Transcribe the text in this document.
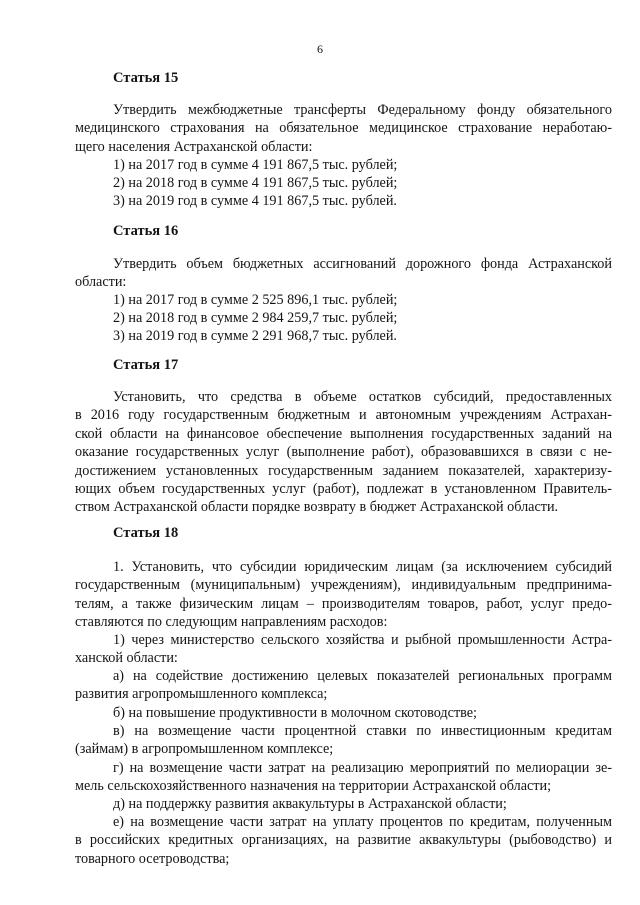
6
Статья 15
Утвердить межбюджетные трансферты Федеральному фонду обязательного
медицинского страхования на обязательное медицинское страхование неработаю-
щего населения Астраханской области:
1) на 2017 год в сумме 4 191 867,5 тыс. рублей;
2) на 2018 год в сумме 4 191 867,5 тыс. рублей;
3) на 2019 год в сумме 4 191 867,5 тыс. рублей.
Статья 16
Утвердить объем бюджетных ассигнований дорожного фонда Астраханской
области:
1) на 2017 год в сумме 2 525 896,1 тыс. рублей;
2) на 2018 год в сумме 2 984 259,7 тыс. рублей;
3) на 2019 год в сумме 2 291 968,7 тыс. рублей.
Статья 17
Установить, что средства в объеме остатков субсидий, предоставленных
в 2016 году государственным бюджетным и автономным учреждениям Астрахан-
ской области на финансовое обеспечение выполнения государственных заданий на
оказание государственных услуг (выполнение работ), образовавшихся в связи с не-
достижением установленных государственным заданием показателей, характеризу-
ющих объем государственных услуг (работ), подлежат в установленном Правитель-
ством Астраханской области порядке возврату в бюджет Астраханской области.
Статья 18
1. Установить, что субсидии юридическим лицам (за исключением субсидий
государственным (муниципальным) учреждениям), индивидуальным предпринима-
телям, а также физическим лицам – производителям товаров, работ, услуг предо-
ставляются по следующим направлениям расходов:
1) через министерство сельского хозяйства и рыбной промышленности Астра-
ханской области:
а) на содействие достижению целевых показателей региональных программ
развития агропромышленного комплекса;
б) на повышение продуктивности в молочном скотоводстве;
в) на возмещение части процентной ставки по инвестиционным кредитам
(займам) в агропромышленном комплексе;
г) на возмещение части затрат на реализацию мероприятий по мелиорации зе-
мель сельскохозяйственного назначения на территории Астраханской области;
д) на поддержку развития аквакультуры в Астраханской области;
е) на возмещение части затрат на уплату процентов по кредитам, полученным
в российских кредитных организациях, на развитие аквакультуры (рыбоводство) и
товарного осетроводства;
